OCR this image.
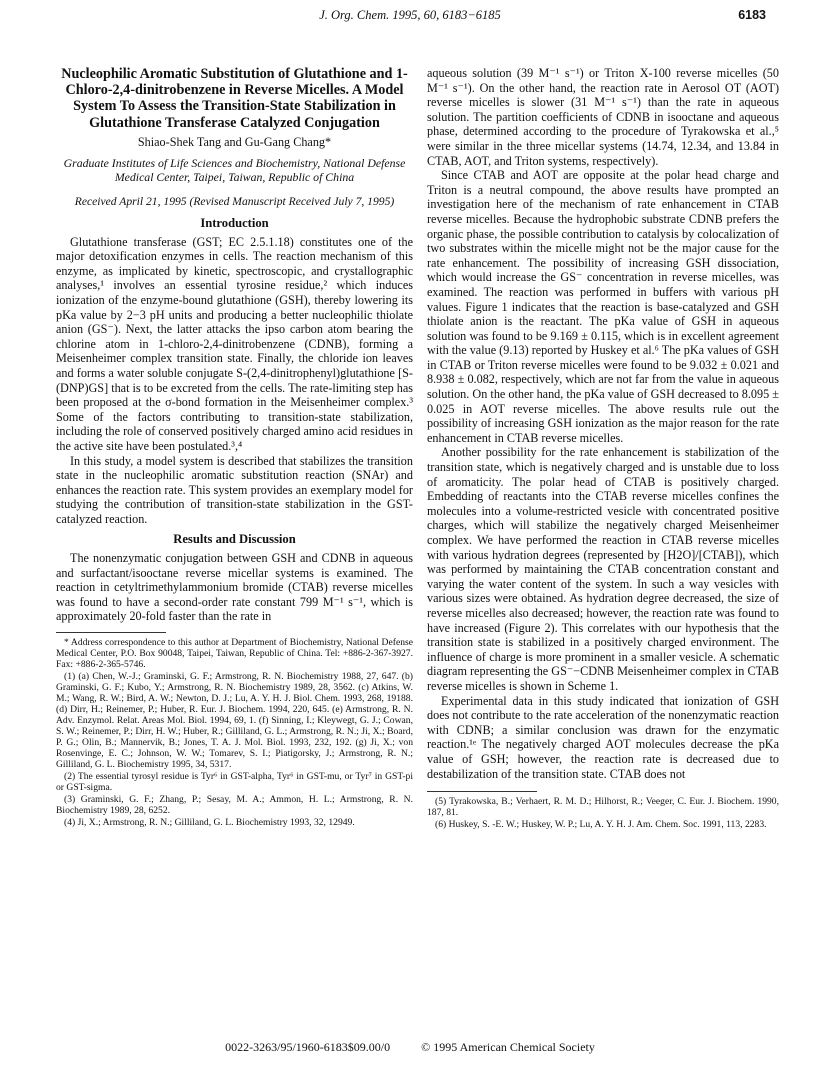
J. Org. Chem. 1995, 60, 6183−6185	6183
Nucleophilic Aromatic Substitution of Glutathione and 1-Chloro-2,4-dinitrobenzene in Reverse Micelles. A Model System To Assess the Transition-State Stabilization in Glutathione Transferase Catalyzed Conjugation
Shiao-Shek Tang and Gu-Gang Chang*
Graduate Institutes of Life Sciences and Biochemistry, National Defense Medical Center, Taipei, Taiwan, Republic of China
Received April 21, 1995 (Revised Manuscript Received July 7, 1995)
Introduction

Glutathione transferase (GST; EC 2.5.1.18) constitutes one of the major detoxification enzymes in cells. The reaction mechanism of this enzyme, as implicated by kinetic, spectroscopic, and crystallographic analyses,¹ involves an essential tyrosine residue,² which induces ionization of the enzyme-bound glutathione (GSH), thereby lowering its pKa value by 2−3 pH units and producing a better nucleophilic thiolate anion (GS⁻). Next, the latter attacks the ipso carbon atom bearing the chlorine atom in 1-chloro-2,4-dinitrobenzene (CDNB), forming a Meisenheimer complex transition state. Finally, the chloride ion leaves and forms a water soluble conjugate S-(2,4-dinitrophenyl)glutathione [S-(DNP)GS] that is to be excreted from the cells. The rate-limiting step has been proposed at the σ-bond formation in the Meisenheimer complex.³ Some of the factors contributing to transition-state stabilization, including the role of conserved positively charged amino acid residues in the active site have been postulated.³,⁴

In this study, a model system is described that stabilizes the transition state in the nucleophilic aromatic substitution reaction (SNAr) and enhances the reaction rate. This system provides an exemplary model for studying the contribution of transition-state stabilization in the GST-catalyzed reaction.

Results and Discussion

The nonenzymatic conjugation between GSH and CDNB in aqueous and surfactant/isooctane reverse micellar systems is examined. The reaction in cetyltrimethylammonium bromide (CTAB) reverse micelles was found to have a second-order rate constant 799 M⁻¹ s⁻¹, which is approximately 20-fold faster than the rate in

* Address correspondence to this author at Department of Biochemistry, National Defense Medical Center, P.O. Box 90048, Taipei, Taiwan, Republic of China. Tel: +886-2-367-3927. Fax: +886-2-365-5746.

(1) (a) Chen, W.-J.; Graminski, G. F.; Armstrong, R. N. Biochemistry 1988, 27, 647. (b) Graminski, G. F.; Kubo, Y.; Armstrong, R. N. Biochemistry 1989, 28, 3562. (c) Atkins, W. M.; Wang, R. W.; Bird, A. W.; Newton, D. J.; Lu, A. Y. H. J. Biol. Chem. 1993, 268, 19188. (d) Dirr, H.; Reinemer, P.; Huber, R. Eur. J. Biochem. 1994, 220, 645. (e) Armstrong, R. N. Adv. Enzymol. Relat. Areas Mol. Biol. 1994, 69, 1. (f) Sinning, I.; Kleywegt, G. J.; Cowan, S. W.; Reinemer, P.; Dirr, H. W.; Huber, R.; Gilliland, G. L.; Armstrong, R. N.; Ji, X.; Board, P. G.; Olin, B.; Mannervik, B.; Jones, T. A. J. Mol. Biol. 1993, 232, 192. (g) Ji, X.; von Rosenvinge, E. C.; Johnson, W. W.; Tomarev, S. I.; Piatigorsky, J.; Armstrong, R. N.; Gilliland, G. L. Biochemistry 1995, 34, 5317.

(2) The essential tyrosyl residue is Tyr⁶ in GST-alpha, Tyr⁶ in GST-mu, or Tyr⁷ in GST-pi or GST-sigma.

(3) Graminski, G. F.; Zhang, P.; Sesay, M. A.; Ammon, H. L.; Armstrong, R. N. Biochemistry 1989, 28, 6252.

(4) Ji, X.; Armstrong, R. N.; Gilliland, G. L. Biochemistry 1993, 32, 12949.

aqueous solution (39 M⁻¹ s⁻¹) or Triton X-100 reverse micelles (50 M⁻¹ s⁻¹). On the other hand, the reaction rate in Aerosol OT (AOT) reverse micelles is slower (31 M⁻¹ s⁻¹) than the rate in aqueous solution. The partition coefficients of CDNB in isooctane and aqueous phase, determined according to the procedure of Tyrakowska et al.,⁵ were similar in the three micellar systems (14.74, 12.34, and 13.84 in CTAB, AOT, and Triton systems, respectively).

Since CTAB and AOT are opposite at the polar head charge and Triton is a neutral compound, the above results have prompted an investigation here of the mechanism of rate enhancement in CTAB reverse micelles. Because the hydrophobic substrate CDNB prefers the organic phase, the possible contribution to catalysis by colocalization of two substrates within the micelle might not be the major cause for the rate enhancement. The possibility of increasing GSH dissociation, which would increase the GS⁻ concentration in reverse micelles, was examined. The reaction was performed in buffers with various pH values. Figure 1 indicates that the reaction is base-catalyzed and GSH thiolate anion is the reactant. The pKa value of GSH in aqueous solution was found to be 9.169 ± 0.115, which is in excellent agreement with the value (9.13) reported by Huskey et al.⁶ The pKa values of GSH in CTAB or Triton reverse micelles were found to be 9.032 ± 0.021 and 8.938 ± 0.082, respectively, which are not far from the value in aqueous solution. On the other hand, the pKa value of GSH decreased to 8.095 ± 0.025 in AOT reverse micelles. The above results rule out the possibility of increasing GSH ionization as the major reason for the rate enhancement in CTAB reverse micelles.

Another possibility for the rate enhancement is stabilization of the transition state, which is negatively charged and is unstable due to loss of aromaticity. The polar head of CTAB is positively charged. Embedding of reactants into the CTAB reverse micelles confines the molecules into a volume-restricted vesicle with concentrated positive charges, which will stabilize the negatively charged Meisenheimer complex. We have performed the reaction in CTAB reverse micelles with various hydration degrees (represented by [H2O]/[CTAB]), which was performed by maintaining the CTAB concentration constant and varying the water content of the system. In such a way vesicles with various sizes were obtained. As hydration degree decreased, the size of reverse micelles also decreased; however, the reaction rate was found to have increased (Figure 2). This correlates with our hypothesis that the transition state is stabilized in a positively charged environment. The influence of charge is more prominent in a smaller vesicle. A schematic diagram representing the GS⁻−CDNB Meisenheimer complex in CTAB reverse micelles is shown in Scheme 1.

Experimental data in this study indicated that ionization of GSH does not contribute to the rate acceleration of the nonenzymatic reaction with CDNB; a similar conclusion was drawn for the enzymatic reaction.¹ᵉ The negatively charged AOT molecules decrease the pKa value of GSH; however, the reaction rate is decreased due to destabilization of the transition state. CTAB does not

(5) Tyrakowska, B.; Verhaert, R. M. D.; Hilhorst, R.; Veeger, C. Eur. J. Biochem. 1990, 187, 81.

(6) Huskey, S. -E. W.; Huskey, W. P.; Lu, A. Y. H. J. Am. Chem. Soc. 1991, 113, 2283.

0022-3263/95/1960-6183$09.00/0	© 1995 American Chemical Society
